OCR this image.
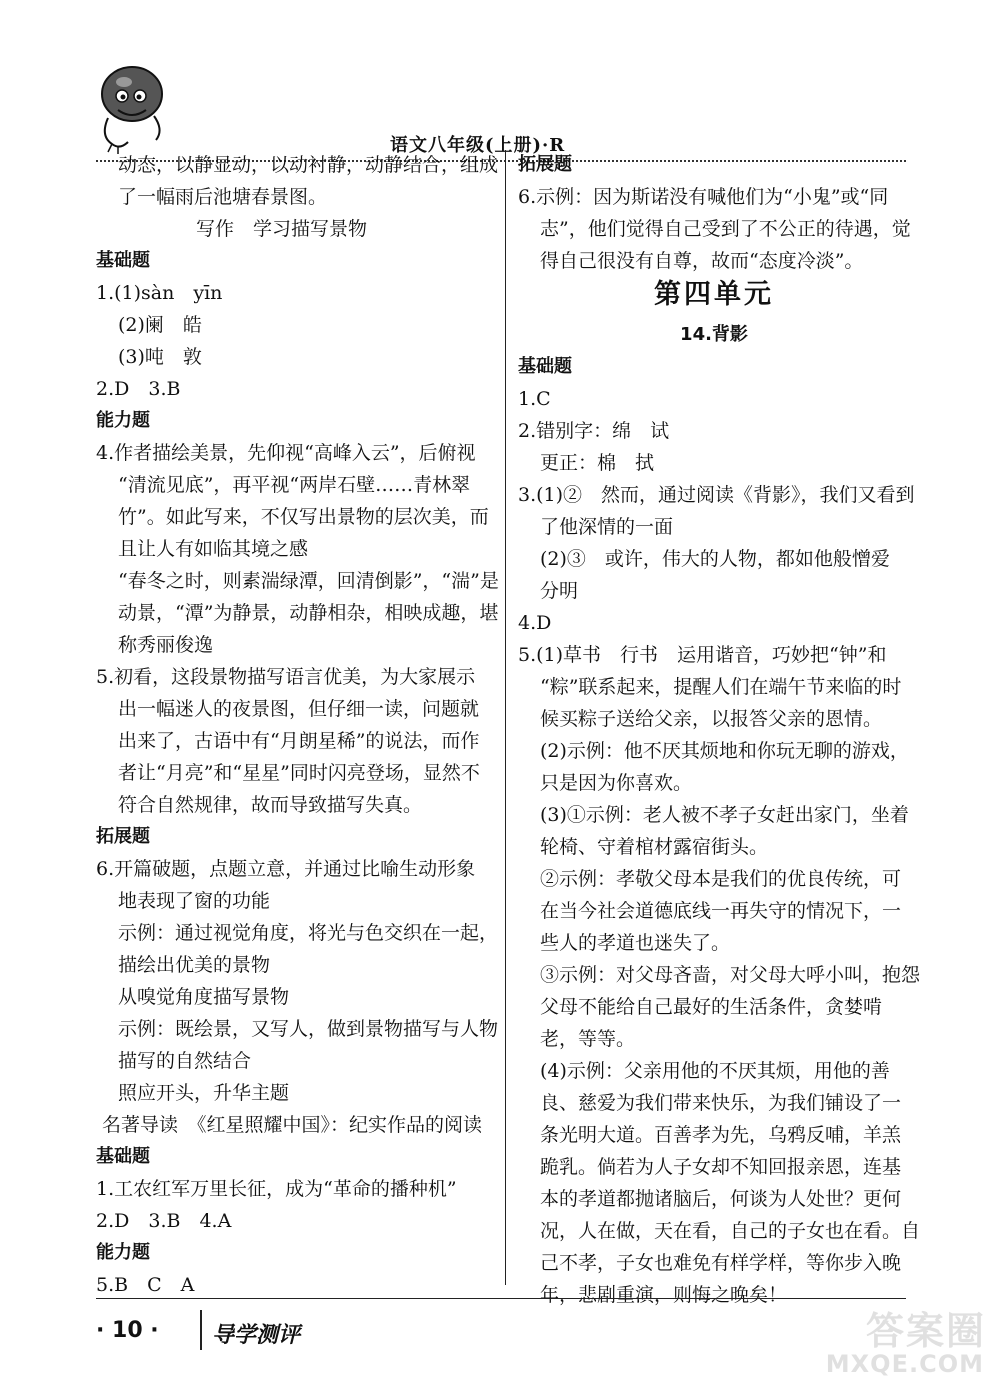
语文八年级(上册)·R
动态，以静显动，以动衬静，动静结合，组成
了一幅雨后池塘春景图。
写作　学习描写景物
基础题
1.(1)sàn　yīn
(2)阑　皓
(3)吨　敦
2.D　3.B
能力题
4.作者描绘美景，先仰视“高峰入云”，后俯视
“清流见底”，再平视“两岸石壁……青林翠
竹”。如此写来，不仅写出景物的层次美，而
且让人有如临其境之感
“春冬之时，则素湍绿潭，回清倒影”，“湍”是
动景，“潭”为静景，动静相杂，相映成趣，堪
称秀丽俊逸
5.初看，这段景物描写语言优美，为大家展示
出一幅迷人的夜景图，但仔细一读，问题就
出来了，古语中有“月朗星稀”的说法，而作
者让“月亮”和“星星”同时闪亮登场，显然不
符合自然规律，故而导致描写失真。
拓展题
6.开篇破题，点题立意，并通过比喻生动形象
地表现了窗的功能
示例：通过视觉角度，将光与色交织在一起，
描绘出优美的景物
从嗅觉角度描写景物
示例：既绘景，又写人，做到景物描写与人物
描写的自然结合
照应开头，升华主题
名著导读　《红星照耀中国》：纪实作品的阅读
基础题
1.工农红军万里长征，成为“革命的播种机”
2.D　3.B　4.A
能力题
5.B　C　A
拓展题
6.示例：因为斯诺没有喊他们为“小鬼”或“同
志”，他们觉得自己受到了不公正的待遇，觉
得自己很没有自尊，故而“态度冷淡”。
第四单元
14.背影
基础题
1.C
2.错别字：绵　试
更正：棉　拭
3.(1)②　然而，通过阅读《背影》，我们又看到
了他深情的一面
(2)③　或许，伟大的人物，都如他般憎爱
分明
4.D
5.(1)草书　行书　运用谐音，巧妙把“钟”和
“粽”联系起来，提醒人们在端午节来临的时
候买粽子送给父亲，以报答父亲的恩情。
(2)示例：他不厌其烦地和你玩无聊的游戏，
只是因为你喜欢。
(3)①示例：老人被不孝子女赶出家门，坐着
轮椅、守着棺材露宿街头。
②示例：孝敬父母本是我们的优良传统，可
在当今社会道德底线一再失守的情况下，一
些人的孝道也迷失了。
③示例：对父母吝啬，对父母大呼小叫，抱怨
父母不能给自己最好的生活条件，贪婪啃
老，等等。
(4)示例：父亲用他的不厌其烦，用他的善
良、慈爱为我们带来快乐，为我们铺设了一
条光明大道。百善孝为先，乌鸦反哺，羊羔
跪乳。倘若为人子女却不知回报亲恩，连基
本的孝道都抛诸脑后，何谈为人处世？更何
况，人在做，天在看，自己的子女也在看。自
己不孝，子女也难免有样学样，等你步入晚
年，悲剧重演，则悔之晚矣！
· 10 · 导学测评	答案圈
MXQE.COM
